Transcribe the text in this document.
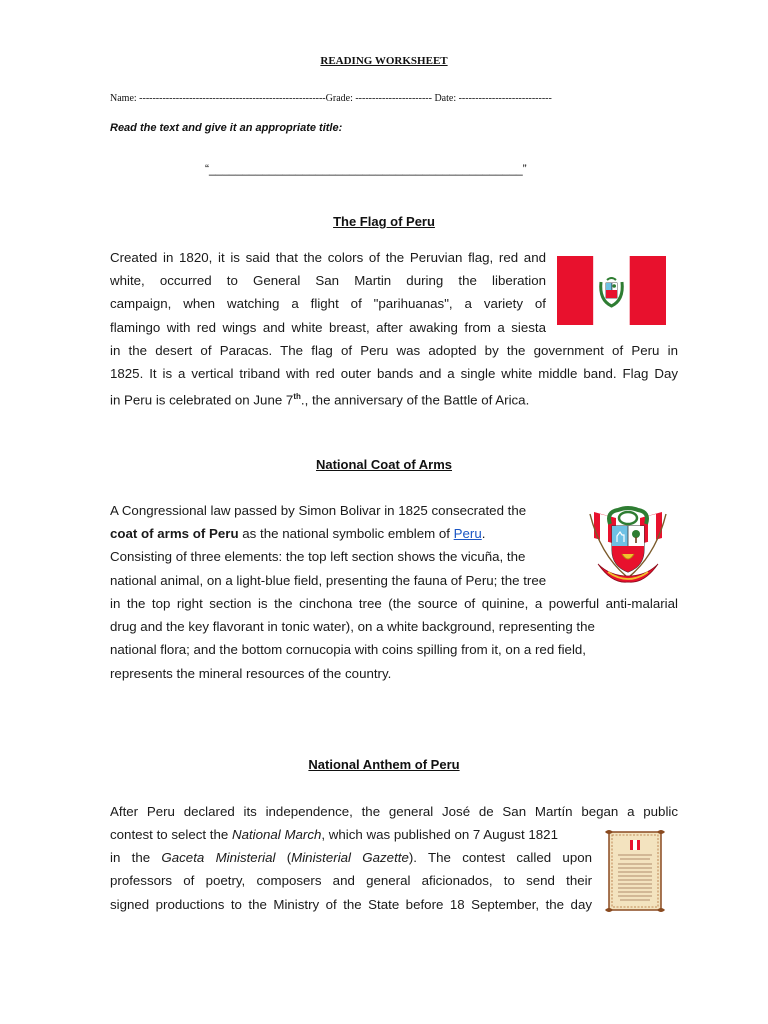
READING WORKSHEET
Name: --------------------------------------------------------Grade: ----------------------- Date: ----------------------------
Read the text and give it an appropriate title:
“_______________________________________________”
The Flag of Peru
Created in 1820, it is said that the colors of the Peruvian flag, red and
white, occurred to General San Martin during the liberation
campaign, when watching a flight of "parihuanas", a variety of
flamingo with red wings and white breast, after awaking from a siesta
in the desert of Paracas. The flag of Peru was adopted by the government of Peru in
1825. It is a vertical triband with red outer bands and a single white middle band. Flag Day
in Peru is celebrated on June 7th., the anniversary of the Battle of Arica.
National Coat of Arms
A Congressional law passed by Simon Bolivar in 1825 consecrated the
coat of arms of Peru as the national symbolic emblem of Peru.
Consisting of three elements: the top left section shows the vicuña, the
national animal, on a light-blue field, presenting the fauna of Peru; the tree
in the top right section is the cinchona tree (the source of quinine, a powerful anti-malarial
drug and the key flavorant in tonic water), on a white background, representing the
national flora; and the bottom cornucopia with coins spilling from it, on a red field,
represents the mineral resources of the country.
National Anthem of Peru
After Peru declared its independence, the general José de San Martín began a public
contest to select the National March, which was published on 7 August 1821
in the Gaceta Ministerial (Ministerial Gazette). The contest called upon
professors of poetry, composers and general aficionados, to send their
signed productions to the Ministry of the State before 18 September, the day
